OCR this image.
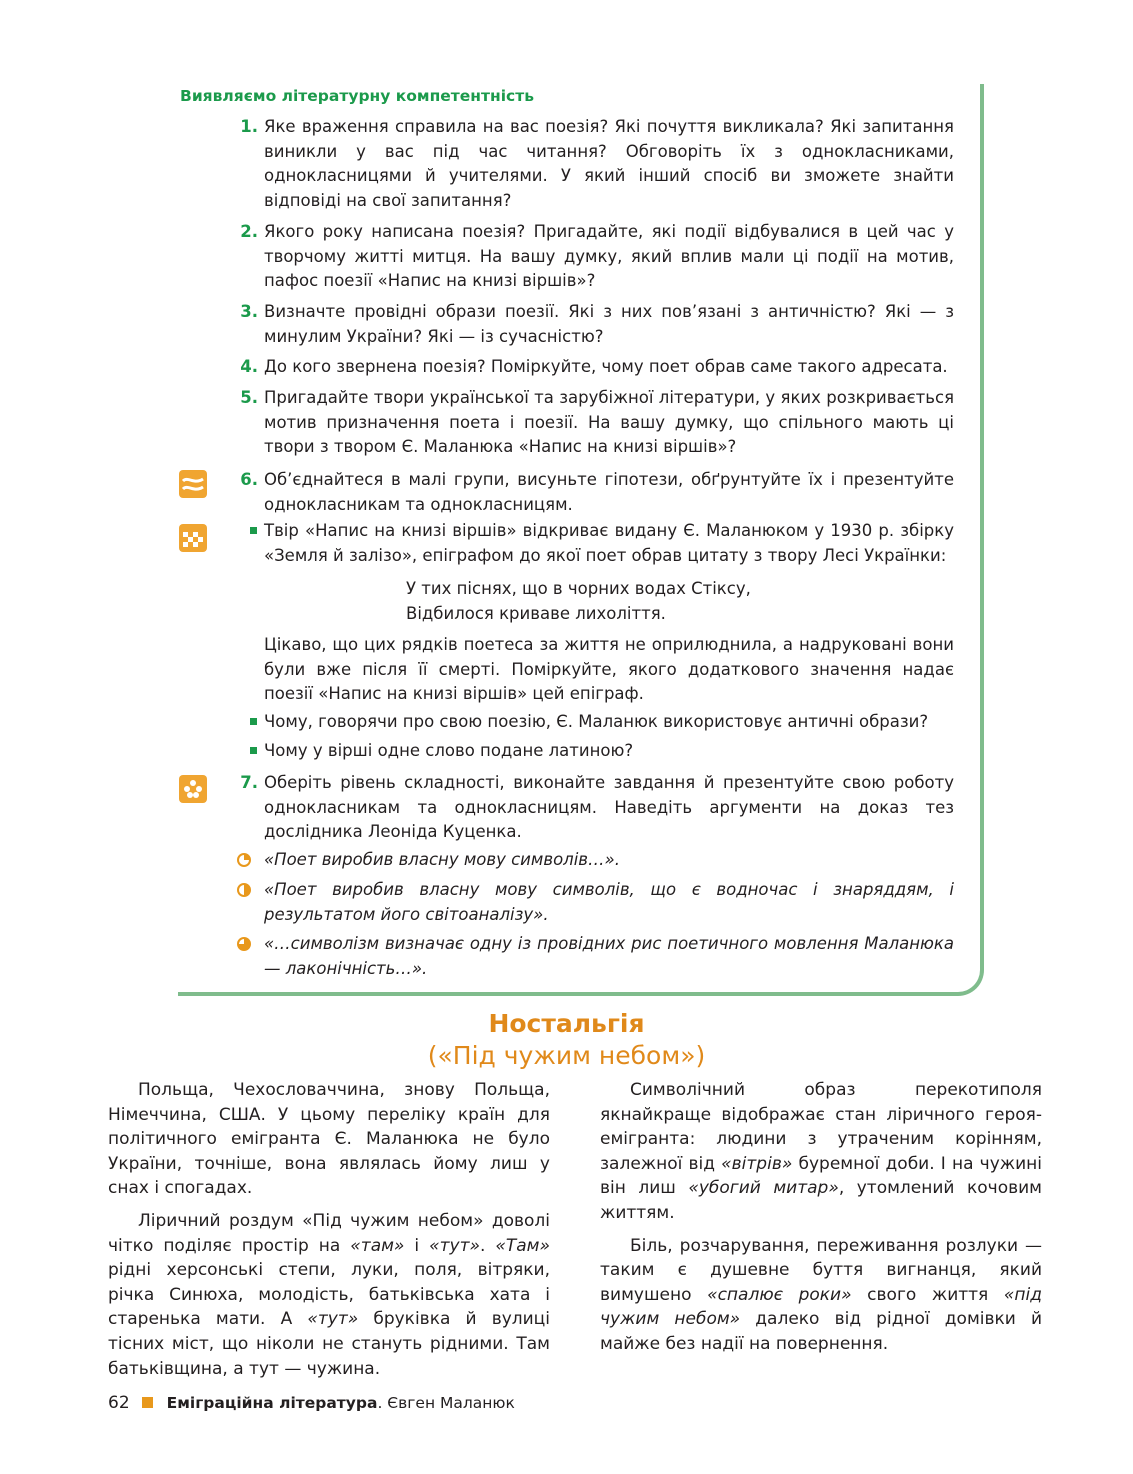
Виявляємо літературну компетентність
1. Яке враження справила на вас поезія? Які почуття викликала? Які запитання виникли у вас під час читання? Обговоріть їх з однокласниками, однокласницями й учителями. У який інший спосіб ви зможете знайти відповіді на свої запитання?
2. Якого року написана поезія? Пригадайте, які події відбувалися в цей час у творчому житті митця. На вашу думку, який вплив мали ці події на мотив, пафос поезії «Напис на книзі віршів»?
3. Визначте провідні образи поезії. Які з них пов’язані з античністю? Які — з минулим України? Які — із сучасністю?
4. До кого звернена поезія? Поміркуйте, чому поет обрав саме такого адресата.
5. Пригадайте твори української та зарубіжної літератури, у яких розкривається мотив призначення поета і поезії. На вашу думку, що спільного мають ці твори з твором Є. Маланюка «Напис на книзі віршів»?
6. Об’єднайтеся в малі групи, висуньте гіпотези, обґрунтуйте їх і презентуйте однокласникам та однокласницям.
Твір «Напис на книзі віршів» відкриває видану Є. Маланюком у 1930 р. збірку «Земля й залізо», епіграфом до якої поет обрав цитату з твору Лесі Українки:
У тих піснях, що в чорних водах Стіксу,
Відбилося криваве лихоліття.
Цікаво, що цих рядків поетеса за життя не оприлюднила, а надруковані вони були вже після її смерті. Поміркуйте, якого додаткового значення надає поезії «Напис на книзі віршів» цей епіграф.
Чому, говорячи про свою поезію, Є. Маланюк використовує античні образи?
Чому у вірші одне слово подане латиною?
7. Оберіть рівень складності, виконайте завдання й презентуйте свою роботу однокласникам та однокласницям. Наведіть аргументи на доказ тез дослідника Леоніда Куценка.
«Поет виробив власну мову символів…».
«Поет виробив власну мову символів, що є водночас і знаряддям, і результатом його світоаналізу».
«…символізм визначає одну із провідних рис поетичного мовлення Маланюка — лаконічність…».
Ностальгія
(«Під чужим небом»)

Польща, Чехословаччина, знову Польща, Німеччина, США. У цьому переліку країн для політичного емігранта Є. Маланюка не було України, точніше, вона являлась йому лиш у снах і спогадах.

Ліричний роздум «Під чужим небом» доволі чітко поділяє простір на «там» і «тут». «Там» рідні херсонські степи, луки, поля, вітряки, річка Синюха, молодість, батьківська хата і старенька мати. А «тут» бруківка й вулиці тісних міст, що ніколи не стануть рідними. Там батьківщина, а тут — чужина.

Символічний образ перекотиполя якнайкраще відображає стан ліричного героя-емігранта: людини з утраченим корінням, залежної від «вітрів» буремної доби. І на чужині він лиш «убогий митар», утомлений кочовим життям.

Біль, розчарування, переживання розлуки — таким є душевне буття вигнанця, який вимушено «спалює роки» свого життя «під чужим небом» далеко від рідної домівки й майже без надії на повернення.

62 Еміграційна література. Євген Маланюк
